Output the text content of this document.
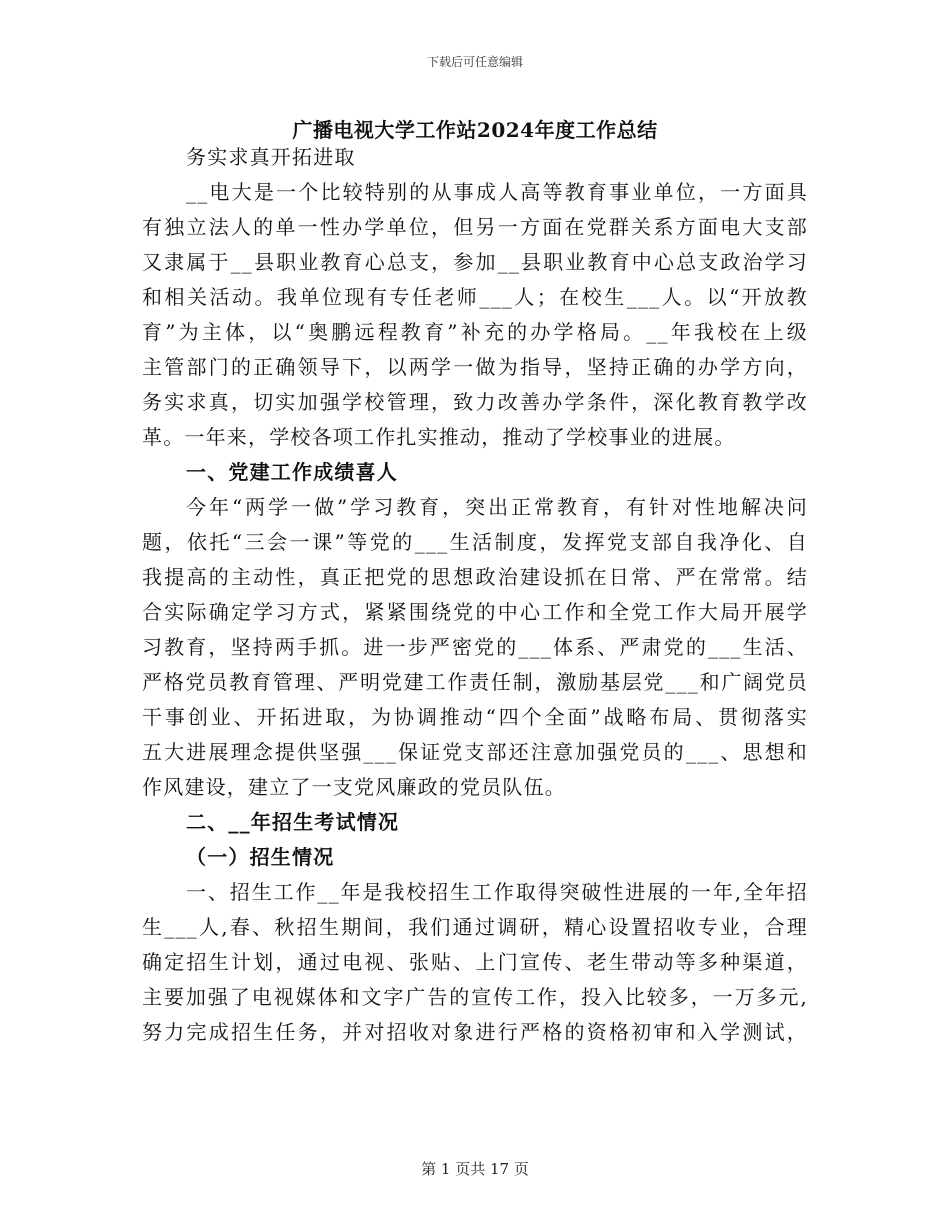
下载后可任意编辑
广播电视大学工作站2024年度工作总结
务实求真开拓进取
__电大是一个比较特别的从事成人高等教育事业单位，一方面具
有独立法人的单一性办学单位，但另一方面在党群关系方面电大支部
又隶属于__县职业教育心总支，参加__县职业教育中心总支政治学习
和相关活动。我单位现有专任老师___人；在校生___人。以“开放教
育”为主体，以“奥鹏远程教育”补充的办学格局。__年我校在上级
主管部门的正确领导下，以两学一做为指导，坚持正确的办学方向，
务实求真，切实加强学校管理，致力改善办学条件，深化教育教学改
革。一年来，学校各项工作扎实推动，推动了学校事业的进展。
一、党建工作成绩喜人
今年“两学一做”学习教育，突出正常教育，有针对性地解决问
题，依托“三会一课”等党的___生活制度，发挥党支部自我净化、自
我提高的主动性，真正把党的思想政治建设抓在日常、严在常常。结
合实际确定学习方式，紧紧围绕党的中心工作和全党工作大局开展学
习教育，坚持两手抓。进一步严密党的___体系、严肃党的___生活、
严格党员教育管理、严明党建工作责任制，激励基层党___和广阔党员
干事创业、开拓进取，为协调推动“四个全面”战略布局、贯彻落实
五大进展理念提供坚强___保证党支部还注意加强党员的___、思想和
作风建设，建立了一支党风廉政的党员队伍。
二、__年招生考试情况
（一）招生情况
一、招生工作__年是我校招生工作取得突破性进展的一年,全年招
生___人,春、秋招生期间，我们通过调研，精心设置招收专业，合理
确定招生计划，通过电视、张贴、上门宣传、老生带动等多种渠道，
主要加强了电视媒体和文字广告的宣传工作，投入比较多，一万多元,
努力完成招生任务，并对招收对象进行严格的资格初审和入学测试，
第 1 页共 17 页
